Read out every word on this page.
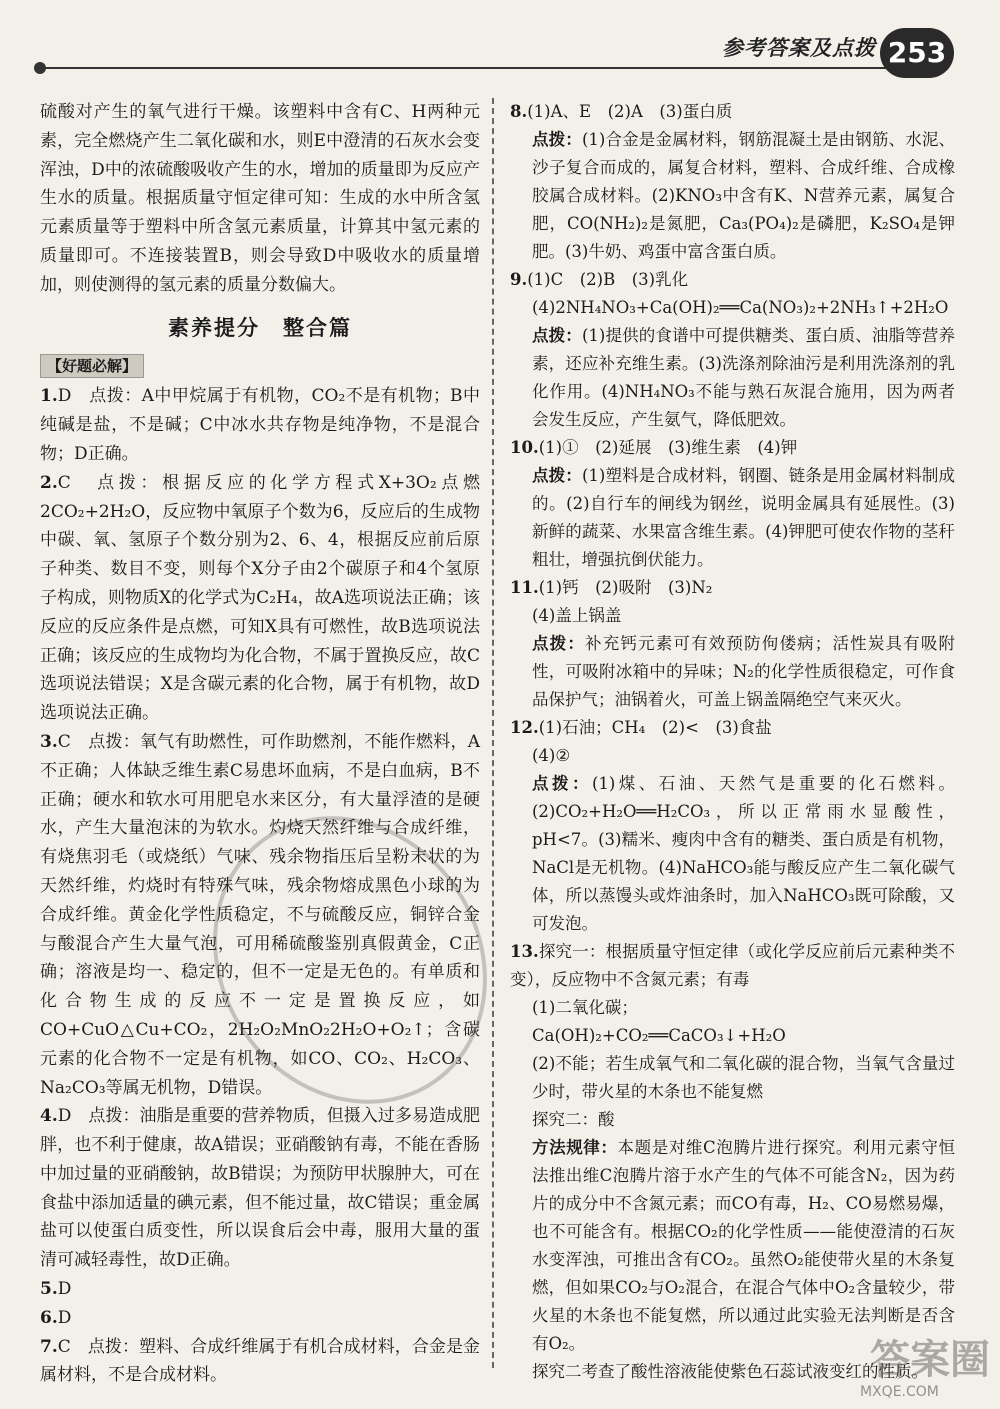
参考答案及点拨 253

硫酸对产生的氧气进行干燥。该塑料中含有C、H两种元素，完全燃烧产生二氧化碳和水，则E中澄清的石灰水会变浑浊，D中的浓硫酸吸收产生的水，增加的质量即为反应产生水的质量。根据质量守恒定律可知：生成的水中所含氢元素质量等于塑料中所含氢元素质量，计算其中氢元素的质量即可。不连接装置B，则会导致D中吸收水的质量增加，则使测得的氢元素的质量分数偏大。

素养提分　整合篇
【好题必解】

1.D　点拨：A中甲烷属于有机物，CO₂不是有机物；B中纯碱是盐，不是碱；C中冰水共存物是纯净物，不是混合物；D正确。

2.C　点拨：根据反应的化学方程式X+3O₂点燃2CO₂+2H₂O，反应物中氧原子个数为6，反应后的生成物中碳、氧、氢原子个数分别为2、6、4，根据反应前后原子种类、数目不变，则每个X分子由2个碳原子和4个氢原子构成，则物质X的化学式为C₂H₄，故A选项说法正确；该反应的反应条件是点燃，可知X具有可燃性，故B选项说法正确；该反应的生成物均为化合物，不属于置换反应，故C选项说法错误；X是含碳元素的化合物，属于有机物，故D选项说法正确。

3.C　点拨：氧气有助燃性，可作助燃剂，不能作燃料，A不正确；人体缺乏维生素C易患坏血病，不是白血病，B不正确；硬水和软水可用肥皂水来区分，有大量浮渣的是硬水，产生大量泡沫的为软水。灼烧天然纤维与合成纤维，有烧焦羽毛（或烧纸）气味、残余物指压后呈粉末状的为天然纤维，灼烧时有特殊气味，残余物熔成黑色小球的为合成纤维。黄金化学性质稳定，不与硫酸反应，铜锌合金与酸混合产生大量气泡，可用稀硫酸鉴别真假黄金，C正确；溶液是均一、稳定的，但不一定是无色的。有单质和化合物生成的反应不一定是置换反应，如CO+CuO△Cu+CO₂，2H₂O₂MnO₂2H₂O+O₂↑；含碳元素的化合物不一定是有机物，如CO、CO₂、H₂CO₃、Na₂CO₃等属无机物，D错误。

4.D　点拨：油脂是重要的营养物质，但摄入过多易造成肥胖，也不利于健康，故A错误；亚硝酸钠有毒，不能在香肠中加过量的亚硝酸钠，故B错误；为预防甲状腺肿大，可在食盐中添加适量的碘元素，但不能过量，故C错误；重金属盐可以使蛋白质变性，所以误食后会中毒，服用大量的蛋清可减轻毒性，故D正确。

5.D

6.D

7.C　点拨：塑料、合成纤维属于有机合成材料，合金是金属材料，不是合成材料。

8.(1)A、E　(2)A　(3)蛋白质

点拨：(1)合金是金属材料，钢筋混凝土是由钢筋、水泥、沙子复合而成的，属复合材料，塑料、合成纤维、合成橡胶属合成材料。(2)KNO₃中含有K、N营养元素，属复合肥，CO(NH₂)₂是氮肥，Ca₃(PO₄)₂是磷肥，K₂SO₄是钾肥。(3)牛奶、鸡蛋中富含蛋白质。

9.(1)C　(2)B　(3)乳化

(4)2NH₄NO₃+Ca(OH)₂══Ca(NO₃)₂+2NH₃↑+2H₂O

点拨：(1)提供的食谱中可提供糖类、蛋白质、油脂等营养素，还应补充维生素。(3)洗涤剂除油污是利用洗涤剂的乳化作用。(4)NH₄NO₃不能与熟石灰混合施用，因为两者会发生反应，产生氨气，降低肥效。

10.(1)①　(2)延展　(3)维生素　(4)钾

点拨：(1)塑料是合成材料，钢圈、链条是用金属材料制成的。(2)自行车的闸线为钢丝，说明金属具有延展性。(3)新鲜的蔬菜、水果富含维生素。(4)钾肥可使农作物的茎秆粗壮，增强抗倒伏能力。

11.(1)钙　(2)吸附　(3)N₂

(4)盖上锅盖

点拨：补充钙元素可有效预防佝偻病；活性炭具有吸附性，可吸附冰箱中的异味；N₂的化学性质很稳定，可作食品保护气；油锅着火，可盖上锅盖隔绝空气来灭火。

12.(1)石油；CH₄　(2)<　(3)食盐

(4)②

点拨：(1)煤、石油、天然气是重要的化石燃料。(2)CO₂+H₂O══H₂CO₃，所以正常雨水显酸性，pH<7。(3)糯米、瘦肉中含有的糖类、蛋白质是有机物，NaCl是无机物。(4)NaHCO₃能与酸反应产生二氧化碳气体，所以蒸馒头或炸油条时，加入NaHCO₃既可除酸，又可发泡。

13.探究一：根据质量守恒定律（或化学反应前后元素种类不变），反应物中不含氮元素；有毒

(1)二氧化碳；

Ca(OH)₂+CO₂══CaCO₃↓+H₂O

(2)不能；若生成氧气和二氧化碳的混合物，当氧气含量过少时，带火星的木条也不能复燃

探究二：酸

方法规律：本题是对维C泡腾片进行探究。利用元素守恒法推出维C泡腾片溶于水产生的气体不可能含N₂，因为药片的成分中不含氮元素；而CO有毒，H₂、CO易燃易爆，也不可能含有。根据CO₂的化学性质——能使澄清的石灰水变浑浊，可推出含有CO₂。虽然O₂能使带火星的木条复燃，但如果CO₂与O₂混合，在混合气体中O₂含量较少，带火星的木条也不能复燃，所以通过此实验无法判断是否含有O₂。

探究二考查了酸性溶液能使紫色石蕊试液变红的性质。

答案圈
MXQE.COM
